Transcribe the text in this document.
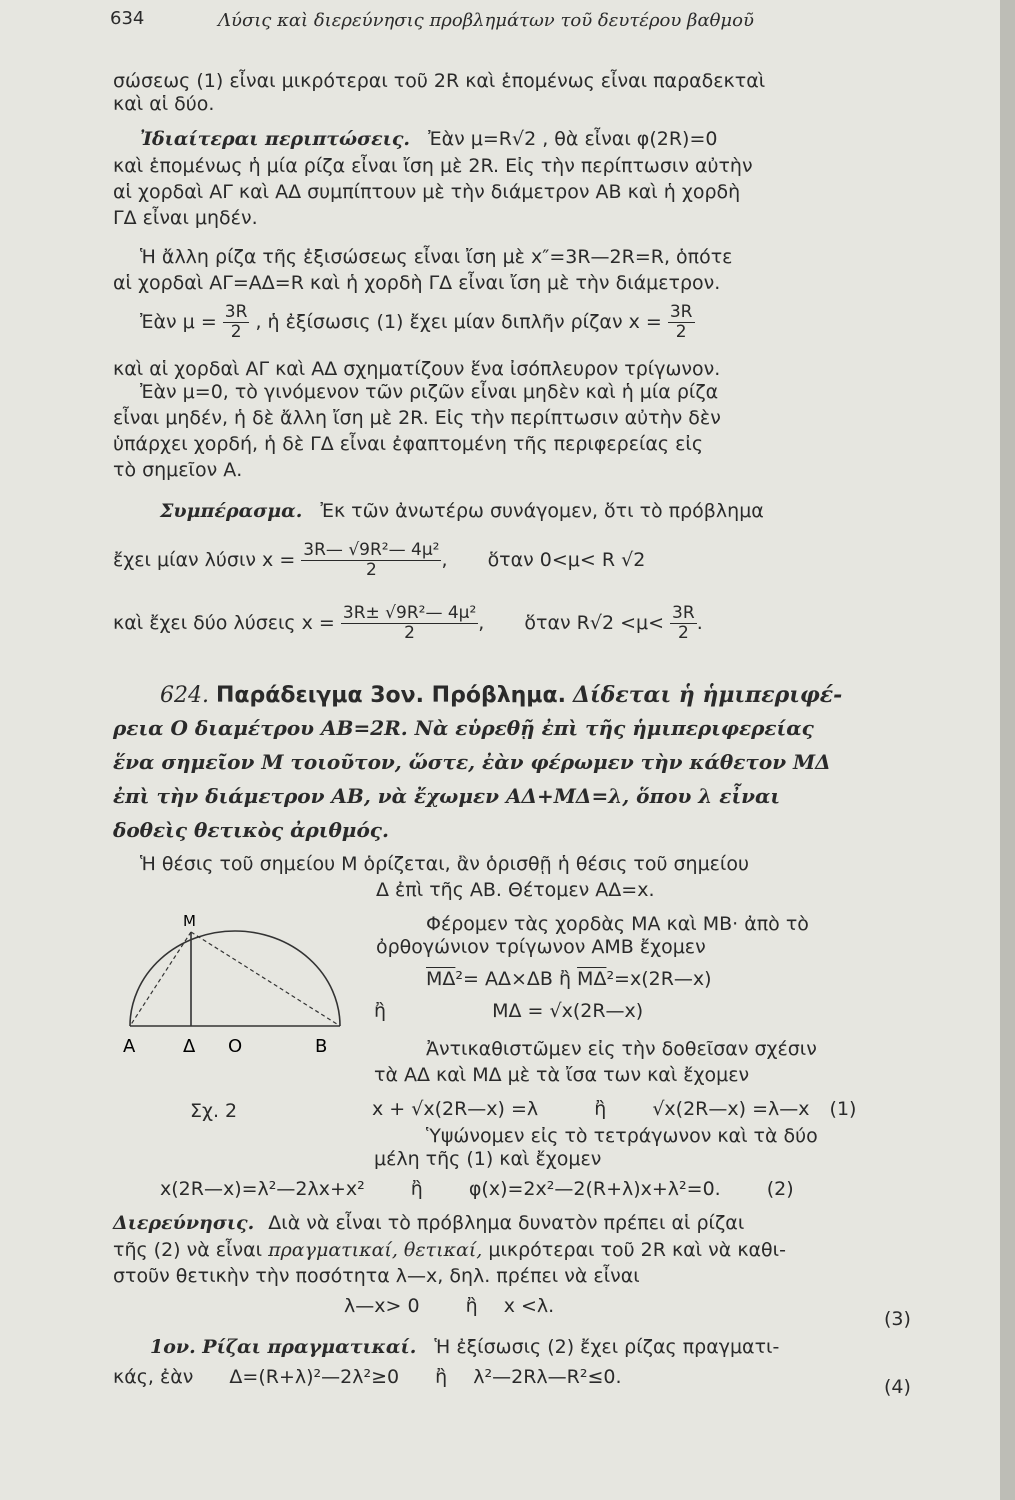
634	Λύσις καὶ διερεύνησις προβλημάτων τοῦ δευτέρου βαθμοῦ
σώσεως (1) εἶναι μικρότεραι τοῦ 2R καὶ ἑπομένως εἶναι παραδεκταὶ
καὶ αἱ δύο.
Ἰδιαίτεραι περιπτώσεις. Ἐὰν μ=R√2 , θὰ εἶναι φ(2R)=0
καὶ ἑπομένως ἡ μία ρίζα εἶναι ἴση μὲ 2R. Εἰς τὴν περίπτωσιν αὐτὴν
αἱ χορδαὶ ΑΓ καὶ ΑΔ συμπίπτουν μὲ τὴν διάμετρον ΑΒ καὶ ἡ χορδὴ
ΓΔ εἶναι μηδέν.
Ἡ ἄλλη ρίζα τῆς ἐξισώσεως εἶναι ἴση μὲ x″=3R—2R=R, ὁπότε
αἱ χορδαὶ ΑΓ=ΑΔ=R καὶ ἡ χορδὴ ΓΔ εἶναι ἴση μὲ τὴν διάμετρον.
Ἐὰν $\mu = \frac{3R}{2}$ , ἡ ἐξίσωσις (1) ἔχει μίαν διπλῆν ρίζαν $x = \frac{3R}{2}$
καὶ αἱ χορδαὶ ΑΓ καὶ ΑΔ σχηματίζουν ἕνα ἰσόπλευρον τρίγωνον.
Ἐὰν μ=0, τὸ γινόμενον τῶν ριζῶν εἶναι μηδὲν καὶ ἡ μία ρίζα
εἶναι μηδέν, ἡ δὲ ἄλλη ἴση μὲ 2R. Εἰς τὴν περίπτωσιν αὐτὴν δὲν
ὑπάρχει χορδή, ἡ δὲ ΓΔ εἶναι ἐφαπτομένη τῆς περιφερείας εἰς
τὸ σημεῖον Α.
Συμπέρασμα. Ἐκ τῶν ἀνωτέρω συνάγομεν, ὅτι τὸ πρόβλημα
ἔχει μίαν λύσιν $x = \frac{\text{3R— √9R²— 4μ²}}{2}$ , ὅταν 0<μ< R √2
καὶ ἔχει δύο λύσεις $x = \frac{\text{3R± √9R²— 4μ²}}{2}$ , ὅταν $R√2 <\mu< \frac{3R}{2}$ .
624. Παράδειγμα 3ον. Πρόβλημα. Δίδεται ἡ ἡμιπεριφέ-
ρεια Ο διαμέτρου ΑΒ=2R. Νὰ εὑρεθῇ ἐπὶ τῆς ἡμιπεριφερείας
ἕνα σημεῖον Μ τοιοῦτον, ὥστε, ἐὰν φέρωμεν τὴν κάθετον ΜΔ
ἐπὶ τὴν διάμετρον ΑΒ, νὰ ἔχωμεν ΑΔ+ΜΔ=λ, ὅπου λ εἶναι
δοθεὶς θετικὸς ἀριθμός.
Ἡ θέσις τοῦ σημείου Μ ὁρίζεται, ἂν ὁρισθῇ ἡ θέσις τοῦ σημείου
Δ ἐπὶ τῆς ΑΒ. Θέτομεν ΑΔ=x.
Φέρομεν τὰς χορδὰς ΜΑ καὶ ΜΒ· ἀπὸ τὸ
ὀρθογώνιον τρίγωνον ΑΜΒ ἔχομεν
$\overline{M\Delta}^2= A\Delta\times\Delta B$ ἢ $\overline{M\Delta}^2=x(2R—x)$
ἢ	ΜΔ = √x(2R—x)
Μ
Α	Δ Ο	Β	Ἀντικαθιστῶμεν εἰς τὴν δοθεῖσαν σχέσιν
τὰ ΑΔ καὶ ΜΔ μὲ τὰ ἴσα των καὶ ἔχομεν
Σχ. 2	x + √x(2R—x) =λ	ἢ √x(2R—x) =λ—x (1)
Ὑψώνομεν εἰς τὸ τετράγωνον καὶ τὰ δύο
μέλη τῆς (1) καὶ ἔχομεν
x(2R—x)=λ²—2λx+x² ἢ φ(x)=2x²—2(R+λ)x+λ²=0. (2)
Διερεύνησις. Διὰ νὰ εἶναι τὸ πρόβλημα δυνατὸν πρέπει αἱ ρίζαι
τῆς (2) νὰ εἶναι πραγματικαί, θετικαί, μικρότεραι τοῦ 2R καὶ νὰ καθι-
στοῦν θετικὴν τὴν ποσότητα λ—x, δηλ. πρέπει νὰ εἶναι
λ—x> 0 ἢ x <λ.
(3)
1ον. Ρίζαι πραγματικαί. Ἡ ἐξίσωσις (2) ἔχει ρίζας πραγματι-
κάς, ἐὰν Δ=(R+λ)²—2λ²≥0 ἢ λ²—2Rλ—R²≤0.	(4)
